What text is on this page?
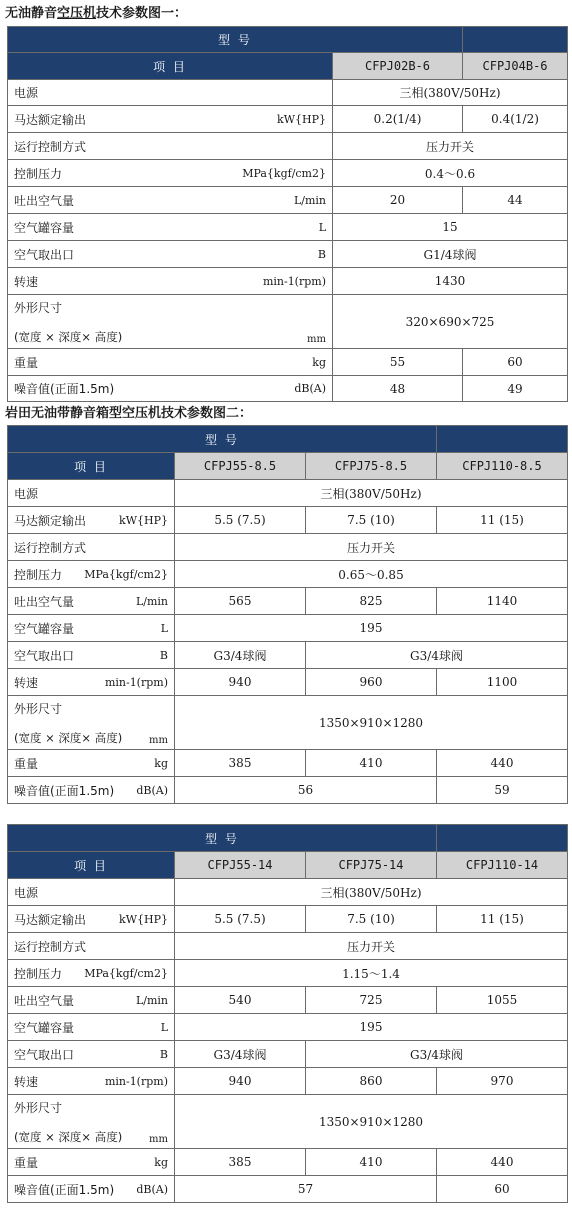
无油静音空压机技术参数图一：
型 号		
项 目	CFPJ02B-6	CFPJ04B-6

电源	三相(380V/50Hz)	

马达额定输出 kW{HP}	0.2(1/4)	0.4(1/2)

运行控制方式	压力开关	

控制压力 MPa{kgf/cm2}	0.4～0.6	

吐出空气量 L/min	20	44

空气罐容量 L	15	

空气取出口 B	G1/4球阀	

转速 min-1(rpm)	1430	

外形尺寸
(宽度 × 深度× 高度) mm	320×690×725	

重量 kg	55	60

噪音值(正面1.5m) dB(A)	48	49
岩田无油带静音箱型空压机技术参数图二：
型 号			
项 目	CFPJ55-8.5	CFPJ75-8.5	CFPJ110-8.5

电源	三相(380V/50Hz)		

马达额定输出 kW{HP}	5.5 (7.5)	7.5 (10)	11 (15)

运行控制方式	压力开关		

控制压力 MPa{kgf/cm2}	0.65～0.85		

吐出空气量 L/min	565	825	1140

空气罐容量 L	195		

空气取出口 B	G3/4球阀	G3/4球阀	

转速 min-1(rpm)	940	960	1100

外形尺寸
(宽度 × 深度× 高度) mm	1350×910×1280		

重量 kg	385	410	440

噪音值(正面1.5m) dB(A)	56		59
型 号			
项 目	CFPJ55-14	CFPJ75-14	CFPJ110-14

电源	三相(380V/50Hz)		

马达额定输出 kW{HP}	5.5 (7.5)	7.5 (10)	11 (15)

运行控制方式	压力开关		

控制压力 MPa{kgf/cm2}	1.15～1.4		

吐出空气量 L/min	540	725	1055

空气罐容量 L	195		

空气取出口 B	G3/4球阀	G3/4球阀	

转速 min-1(rpm)	940	860	970

外形尺寸
(宽度 × 深度× 高度) mm	1350×910×1280		

重量 kg	385	410	440

噪音值(正面1.5m) dB(A)	57		60
